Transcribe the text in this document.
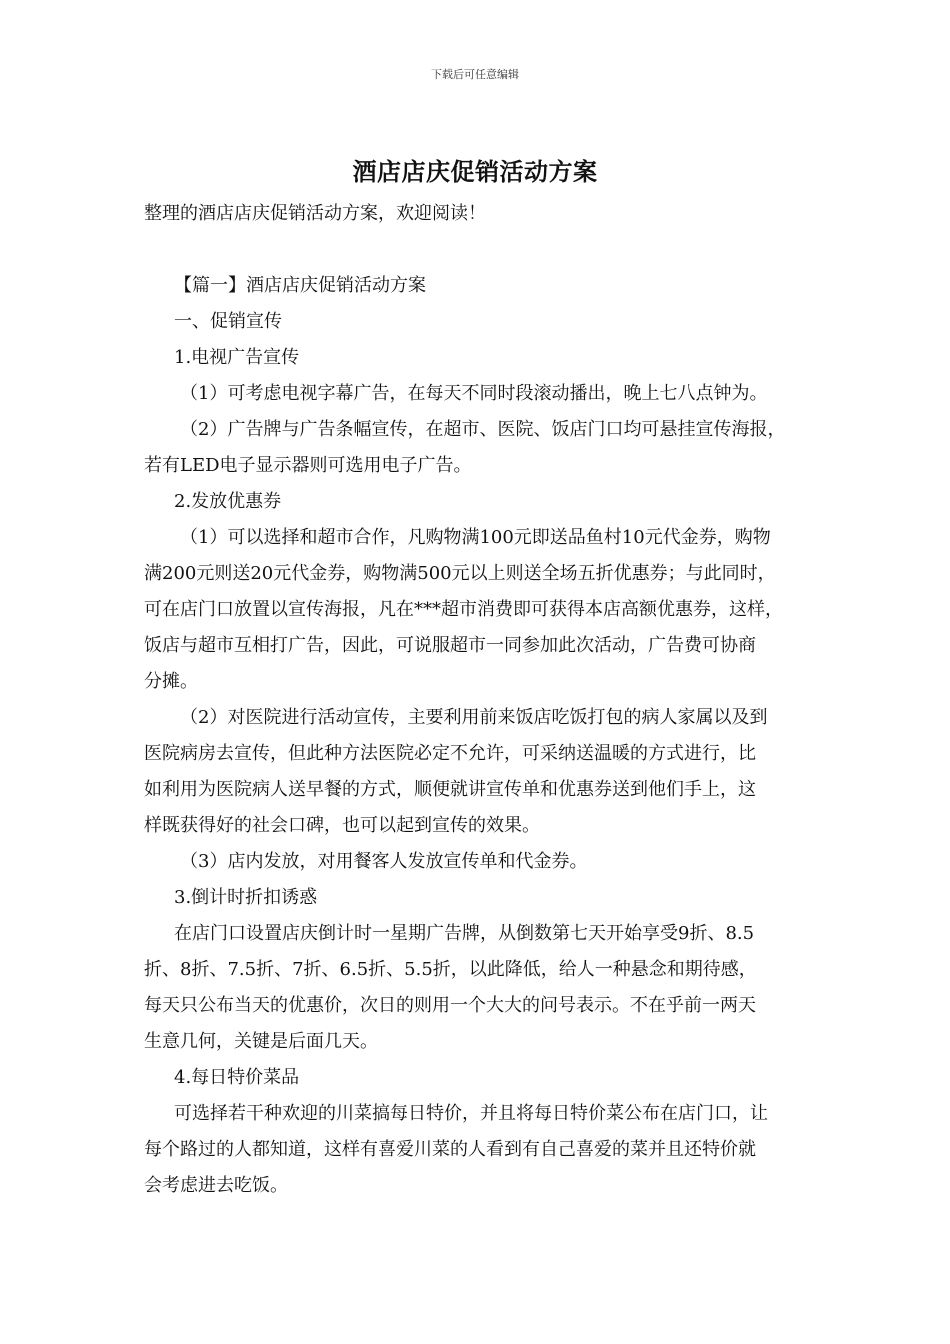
下载后可任意编辑
酒店店庆促销活动方案
整理的酒店店庆促销活动方案，欢迎阅读！
【篇一】酒店店庆促销活动方案
一、促销宣传
1.电视广告宣传
（1）可考虑电视字幕广告，在每天不同时段滚动播出，晚上七八点钟为。
（2）广告牌与广告条幅宣传，在超市、医院、饭店门口均可悬挂宣传海报，
若有LED电子显示器则可选用电子广告。
2.发放优惠券
（1）可以选择和超市合作，凡购物满100元即送品鱼村10元代金券，购物
满200元则送20元代金券，购物满500元以上则送全场五折优惠券；与此同时，
可在店门口放置以宣传海报，凡在***超市消费即可获得本店高额优惠券，这样，
饭店与超市互相打广告，因此，可说服超市一同参加此次活动，广告费可协商
分摊。
（2）对医院进行活动宣传，主要利用前来饭店吃饭打包的病人家属以及到
医院病房去宣传，但此种方法医院必定不允许，可采纳送温暖的方式进行，比
如利用为医院病人送早餐的方式，顺便就讲宣传单和优惠券送到他们手上，这
样既获得好的社会口碑，也可以起到宣传的效果。
（3）店内发放，对用餐客人发放宣传单和代金券。
3.倒计时折扣诱惑
在店门口设置店庆倒计时一星期广告牌，从倒数第七天开始享受9折、8.5
折、8折、7.5折、7折、6.5折、5.5折，以此降低，给人一种悬念和期待感，
每天只公布当天的优惠价，次日的则用一个大大的问号表示。不在乎前一两天
生意几何，关键是后面几天。
4.每日特价菜品
可选择若干种欢迎的川菜搞每日特价，并且将每日特价菜公布在店门口，让
每个路过的人都知道，这样有喜爱川菜的人看到有自己喜爱的菜并且还特价就
会考虑进去吃饭。
